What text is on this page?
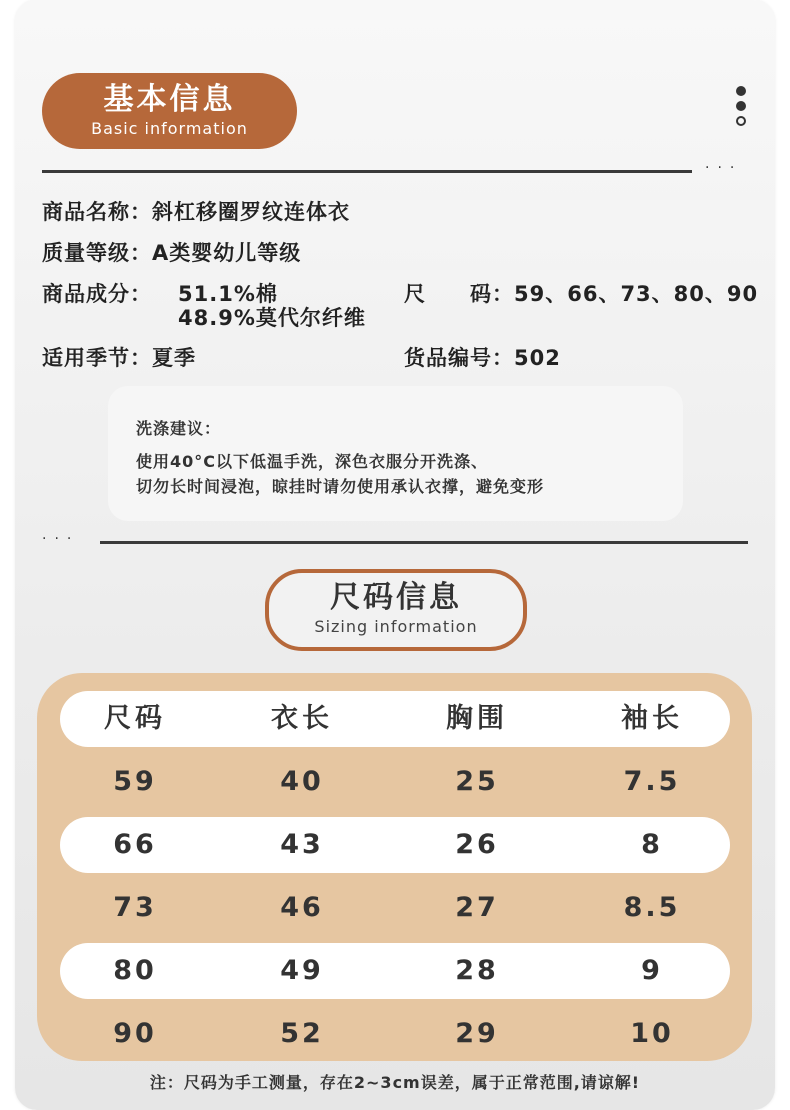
基本信息
Basic information
···
商品名称：斜杠移圈罗纹连体衣
质量等级：A类婴幼儿等级
商品成分： 51.1%棉
48.9%莫代尔纤维
尺　　码：59、66、73、80、90
适用季节：夏季	货品编号：502
洗涤建议：
使用40°C以下低温手洗，深色衣服分开洗涤、
切勿长时间浸泡，晾挂时请勿使用承认衣撑，避免变形
···
尺码信息
Sizing information
尺码	衣长	胸围	袖长
59	40	25	7.5
66	43	26	8
73	46	27	8.5
80	49	28	9
90	52	29	10
注：尺码为手工测量，存在2~3cm误差，属于正常范围,请谅解!
